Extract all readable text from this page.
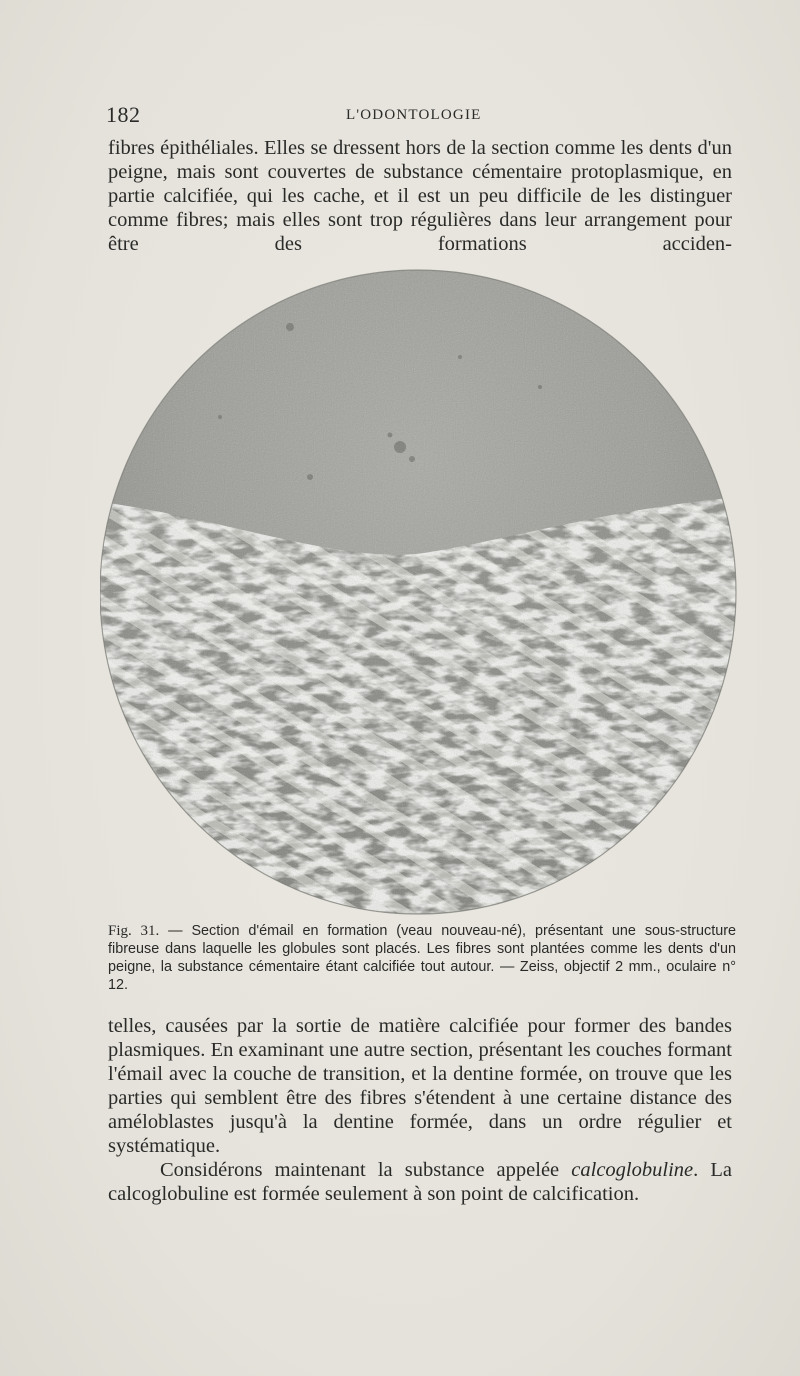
182	L'ODONTOLOGIE

fibres épithéliales. Elles se dressent hors de la section comme les dents d'un peigne, mais sont couvertes de substance cémentaire protoplasmique, en partie calcifiée, qui les cache, et il est un peu difficile de les distinguer comme fibres; mais elles sont trop régulières dans leur arrangement pour être des formations acciden-

Fig. 31. — Section d'émail en formation (veau nouveau-né), présentant une sous-structure fibreuse dans laquelle les globules sont placés. Les fibres sont plantées comme les dents d'un peigne, la substance cémentaire étant calcifiée tout autour. — Zeiss, objectif 2 mm., oculaire n° 12.

telles, causées par la sortie de matière calcifiée pour former des bandes plasmiques. En examinant une autre section, présentant les couches formant l'émail avec la couche de transition, et la dentine formée, on trouve que les parties qui semblent être des fibres s'étendent à une certaine distance des améloblastes jusqu'à la dentine formée, dans un ordre régulier et systématique.

Considérons maintenant la substance appelée calcoglobuline. La calcoglobuline est formée seulement à son point de calcification.
